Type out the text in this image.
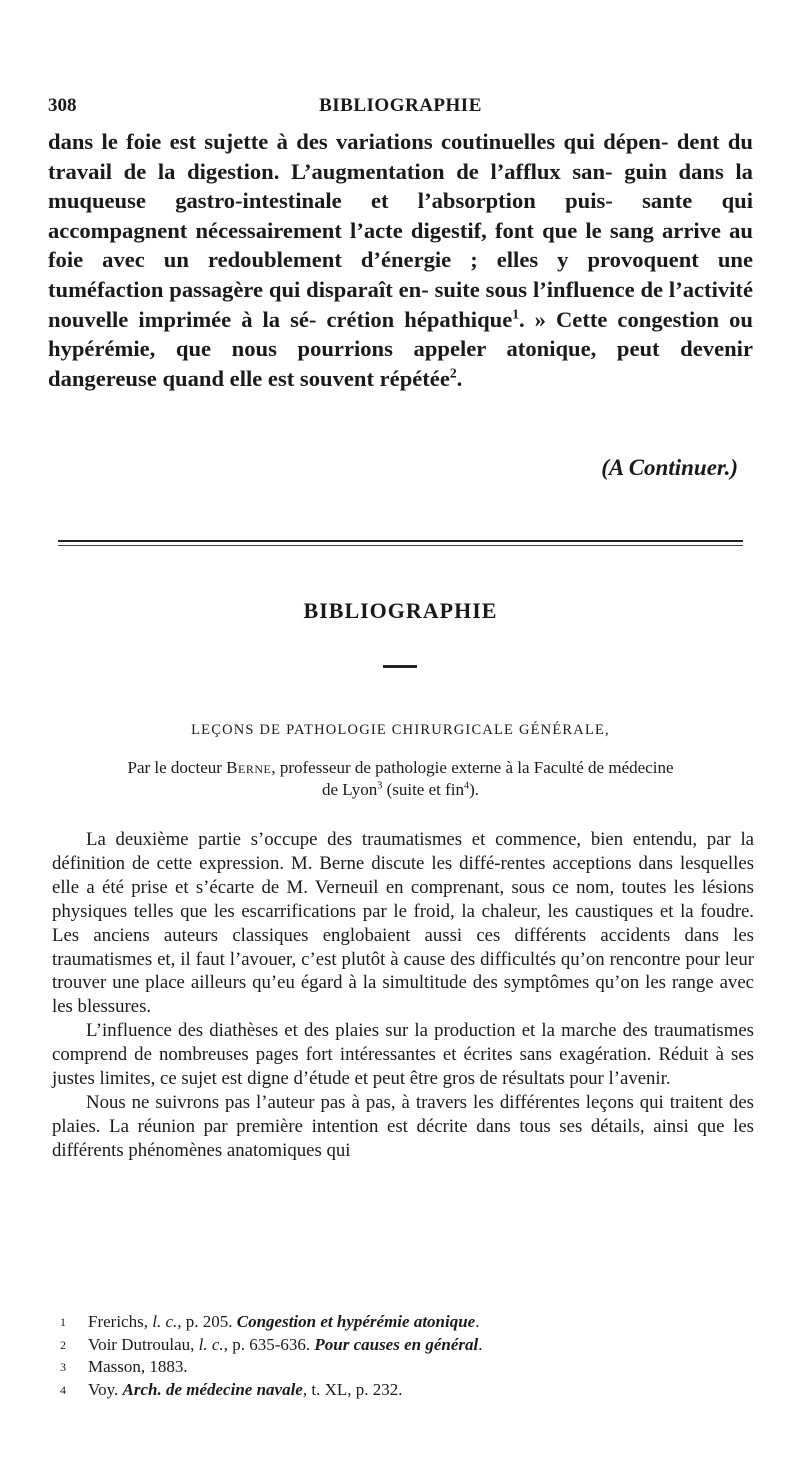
308	BIBLIOGRAPHIE

dans le foie est sujette à des variations coutinuelles qui dépen- dent du travail de la digestion. L’augmentation de l’afflux san- guin dans la muqueuse gastro-intestinale et l’absorption puis- sante qui accompagnent nécessairement l’acte digestif, font que le sang arrive au foie avec un redoublement d’énergie ; elles y provoquent une tuméfaction passagère qui disparaît en- suite sous l’influence de l’activité nouvelle imprimée à la sé- crétion hépathique$^1$. » Cette congestion ou hypérémie, que nous pourrions appeler atonique, peut devenir dangereuse quand elle est souvent répétée$^2$.

(A Continuer.)
BIBLIOGRAPHIE
LEÇONS DE PATHOLOGIE CHIRURGICALE GÉNÉRALE,
Par le docteur Berne, professeur de pathologie externe à la Faculté de médecine
de Lyon$^3$ (suite et fin$^4$).

La deuxième partie s’occupe des traumatismes et commence, bien entendu, par la définition de cette expression. M. Berne discute les diffé-rentes acceptions dans lesquelles elle a été prise et s’écarte de M. Verneuil en comprenant, sous ce nom, toutes les lésions physiques telles que les escarrifications par le froid, la chaleur, les caustiques et la foudre. Les anciens auteurs classiques englobaient aussi ces différents accidents dans les traumatismes et, il faut l’avouer, c’est plutôt à cause des difficultés qu’on rencontre pour leur trouver une place ailleurs qu’eu égard à la simultitude des symptômes qu’on les range avec les blessures.

L’influence des diathèses et des plaies sur la production et la marche des traumatismes comprend de nombreuses pages fort intéressantes et écrites sans exagération. Réduit à ses justes limites, ce sujet est digne d’étude et peut être gros de résultats pour l’avenir.

Nous ne suivrons pas l’auteur pas à pas, à travers les différentes leçons qui traitent des plaies. La réunion par première intention est décrite dans tous ses détails, ainsi que les différents phénomènes anatomiques qui

1 Frerichs, l. c., p. 205. Congestion et hypérémie atonique.
2 Voir Dutroulau, l. c., p. 635-636. Pour causes en général.
3 Masson, 1883.
4 Voy. Arch. de médecine navale, t. XL, p. 232.
